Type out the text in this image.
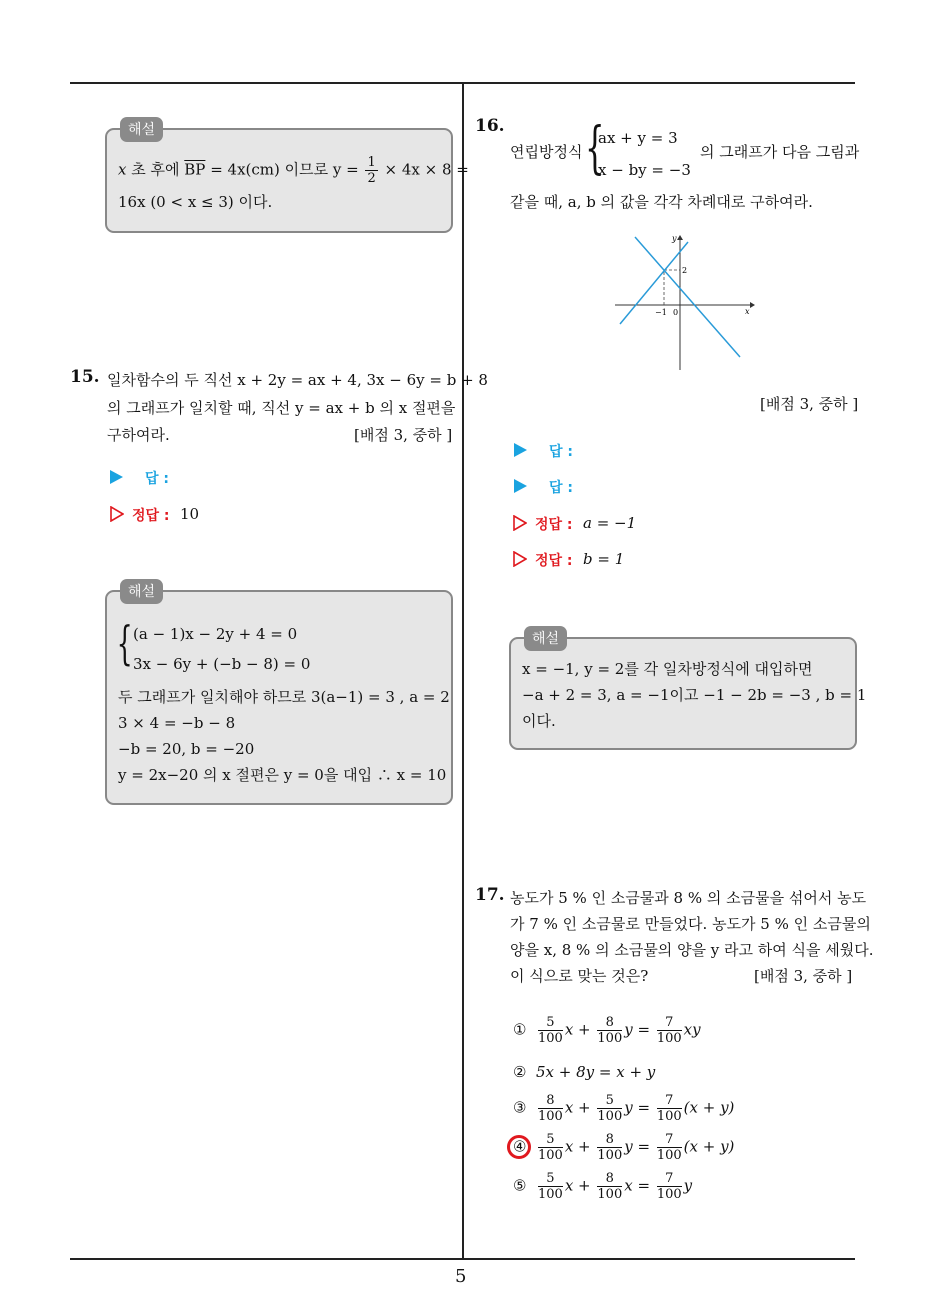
5
해설
x 초 후에 $\overline{BP} = 4x(cm)$ 이므로 $y = \frac{1}{2} \times 4x \times 8$ =
16x (0 < x ≤ 3) 이다.
15. 일차함수의 두 직선 x + 2y = ax + 4, 3x − 6y = b + 8
의 그래프가 일치할 때, 직선 y = ax + b 의 x 절편을
구하여라.	[배점 3, 중하 ]
답 :
정답 : 10
해설
{ (a − 1)x − 2y + 4 = 0
3x − 6y + (−b − 8) = 0
두 그래프가 일치해야 하므로 3(a−1) = 3 , a = 2
3 × 4 = −b − 8
−b = 20, b = −20
y = 2x−20 의 x 절편은 y = 0을 대입 ∴ x = 10
16.
연립방정식 {
ax + y = 3
x − by = −3
의 그래프가 다음 그림과
같을 때, a, b 의 값을 각각 차례대로 구하여라.
x
y
−1 0
2
[배점 3, 중하 ]
답 :
답 :
정답 : a = −1
정답 : b = 1
해설
x = −1, y = 2를 각 일차방정식에 대입하면
−a + 2 = 3, a = −1이고 −1 − 2b = −3 , b = 1
이다.
17. 농도가 5 % 인 소금물과 8 % 의 소금물을 섞어서 농도
가 7 % 인 소금물로 만들었다. 농도가 5 % 인 소금물의
양을 x, 8 % 의 소금물의 양을 y 라고 하여 식을 세웠다.
이 식으로 맞는 것은?	[배점 3, 중하 ]
① $\frac{5}{100}$ $x + \frac{8}{100}$ $y = \frac{7}{100}$ xy
② 5x + 8y = x + y
③ $\frac{8}{100}$ $x + \frac{5}{100}$ $y = \frac{7}{100} (x + y)$
④ $\frac{5}{100}$ $x + \frac{8}{100}$ $y = \frac{7}{100} (x + y)$
⑤ $\frac{5}{100}$ $x + \frac{8}{100}$ $x = \frac{7}{100}$ y
